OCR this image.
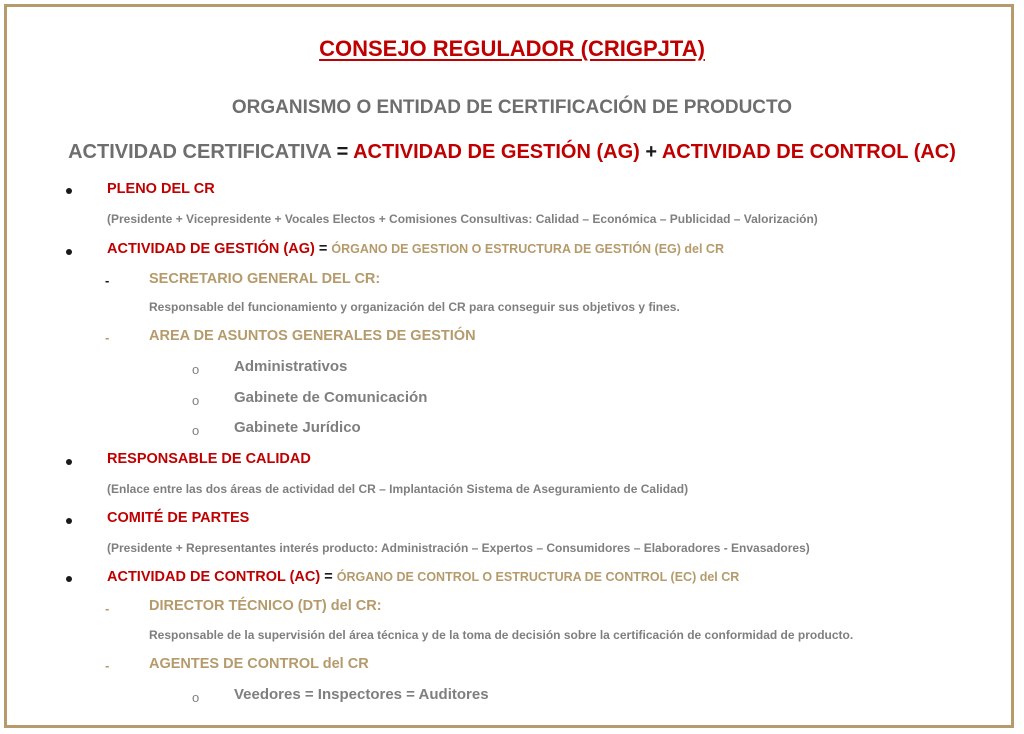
CONSEJO REGULADOR (CRIGPJTA)
ORGANISMO O ENTIDAD DE CERTIFICACIÓN DE PRODUCTO
ACTIVIDAD CERTIFICATIVA = ACTIVIDAD DE GESTIÓN (AG) + ACTIVIDAD DE CONTROL (AC)
PLENO DEL CR
(Presidente + Vicepresidente + Vocales Electos + Comisiones Consultivas: Calidad – Económica – Publicidad – Valorización)
ACTIVIDAD DE GESTIÓN (AG) = ÓRGANO DE GESTION O ESTRUCTURA DE GESTIÓN (EG) del CR
-	SECRETARIO GENERAL DEL CR:
Responsable del funcionamiento y organización del CR para conseguir sus objetivos y fines.
-	AREA DE ASUNTOS GENERALES DE GESTIÓN
o Administrativos
o Gabinete de Comunicación
o Gabinete Jurídico
RESPONSABLE DE CALIDAD
(Enlace entre las dos áreas de actividad del CR – Implantación Sistema de Aseguramiento de Calidad)
COMITÉ DE PARTES
(Presidente + Representantes interés producto: Administración – Expertos – Consumidores – Elaboradores - Envasadores)
ACTIVIDAD DE CONTROL (AC) = ÓRGANO DE CONTROL O ESTRUCTURA DE CONTROL (EC) del CR
-	DIRECTOR TÉCNICO (DT) del CR:
Responsable de la supervisión del área técnica y de la toma de decisión sobre la certificación de conformidad de producto.
-	AGENTES DE CONTROL del CR
o Veedores = Inspectores = Auditores
